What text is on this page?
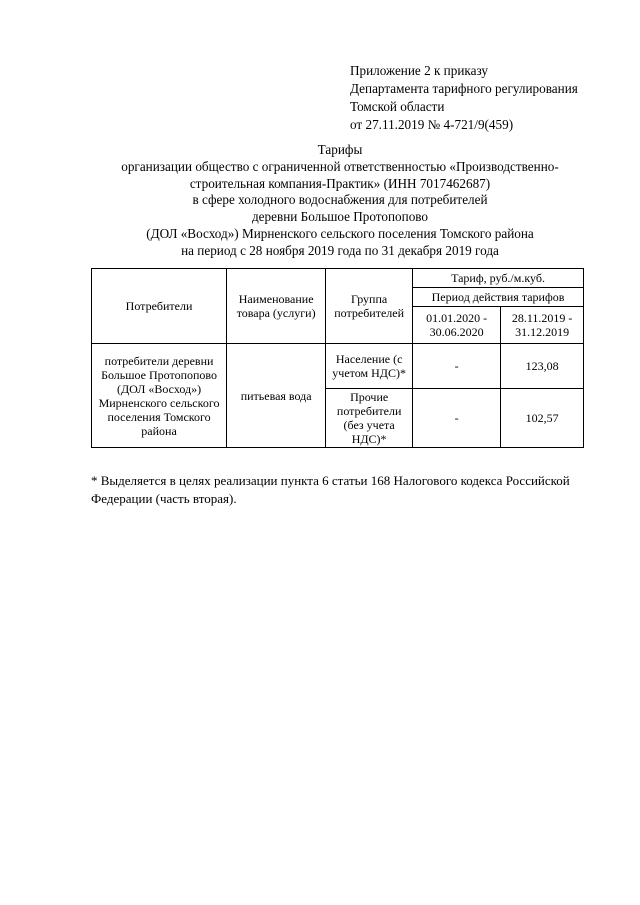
Приложение 2 к приказу
Департамента тарифного регулирования
Томской области
от 27.11.2019 № 4-721/9(459)
Тарифы
организации общество с ограниченной ответственностью «Производственно-
строительная компания-Практик» (ИНН 7017462687)
в сфере холодного водоснабжения для потребителей
деревни Большое Протопопово
(ДОЛ «Восход») Мирненского сельского поселения Томского района
на период с 28 ноября 2019 года по 31 декабря 2019 года
Потребители	Наименование товара (услуги)	Группа потребителей	Тариф, руб./м.куб.	
			Период действия тарифов	
			01.01.2020 - 30.06.2020	28.11.2019 - 31.12.2019
потребители деревни Большое Протопопово (ДОЛ «Восход») Мирненского сельского поселения Томского района	питьевая вода	Население (с учетом НДС)*	-	123,08
		Прочие потребители (без учета НДС)*	-	102,57
* Выделяется в целях реализации пункта 6 статьи 168 Налогового кодекса Российской Федерации (часть вторая).
